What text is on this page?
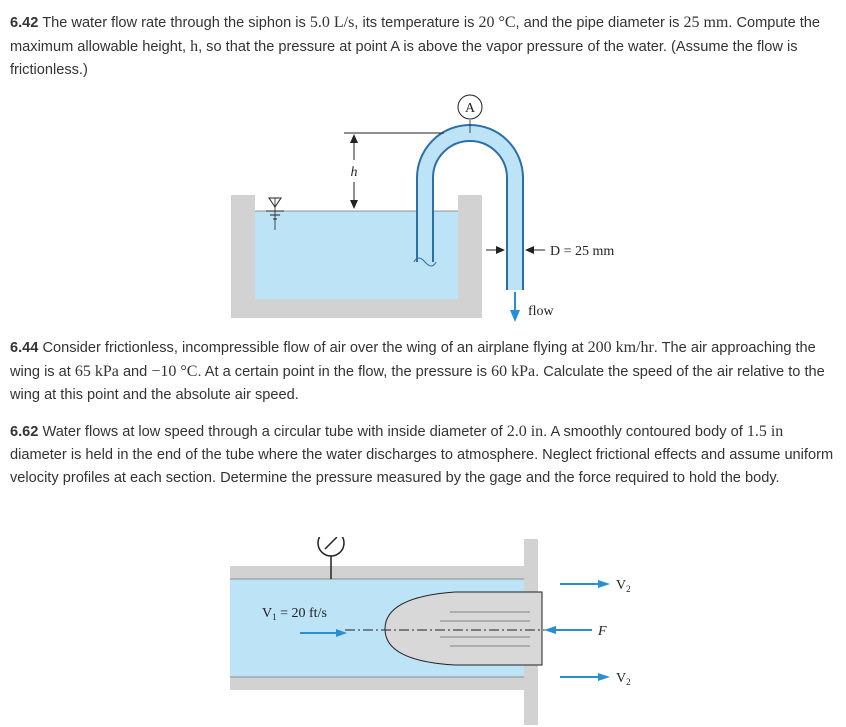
6.42 The water flow rate through the siphon is 5.0 L/s, its temperature is 20 °C, and the pipe diameter is 25 mm. Compute the maximum allowable height, h, so that the pressure at point A is above the vapor pressure of the water. (Assume the flow is frictionless.)

A
h
D = 25 mm
flow

6.44 Consider frictionless, incompressible flow of air over the wing of an airplane flying at 200 km/hr. The air approaching the wing is at 65 kPa and −10 °C. At a certain point in the flow, the pressure is 60 kPa. Calculate the speed of the air relative to the wing at this point and the absolute air speed.

6.62 Water flows at low speed through a circular tube with inside diameter of 2.0 in. A smoothly contoured body of 1.5 in diameter is held in the end of the tube where the water discharges to atmosphere. Neglect frictional effects and assume uniform velocity profiles at each section. Determine the pressure measured by the gage and the force required to hold the body.

$V_1 = 20$ ft/s
$V_2$
$V_2$
F
